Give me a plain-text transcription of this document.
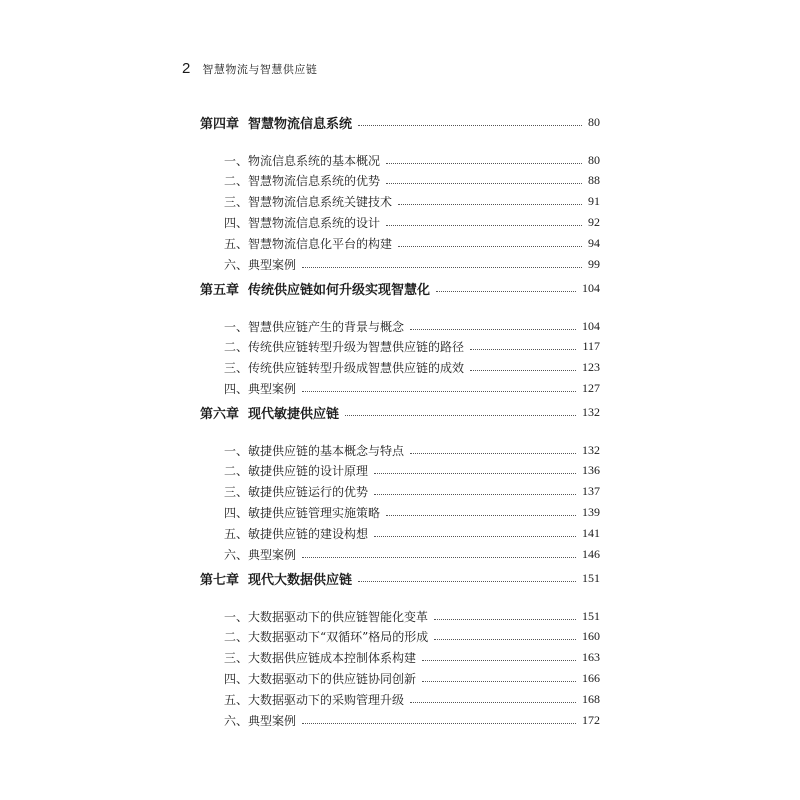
2 智慧物流与智慧供应链
第四章 智慧物流信息系统	80
一、物流信息系统的基本概况	80
二、智慧物流信息系统的优势	88
三、智慧物流信息系统关键技术	91
四、智慧物流信息系统的设计	92
五、智慧物流信息化平台的构建	94
六、典型案例	99
第五章 传统供应链如何升级实现智慧化	104
一、智慧供应链产生的背景与概念	104
二、传统供应链转型升级为智慧供应链的路径	117
三、传统供应链转型升级成智慧供应链的成效	123
四、典型案例	127
第六章 现代敏捷供应链	132
一、敏捷供应链的基本概念与特点	132
二、敏捷供应链的设计原理	136
三、敏捷供应链运行的优势	137
四、敏捷供应链管理实施策略	139
五、敏捷供应链的建设构想	141
六、典型案例	146
第七章 现代大数据供应链	151
一、大数据驱动下的供应链智能化变革	151
二、大数据驱动下“双循环”格局的形成	160
三、大数据供应链成本控制体系构建	163
四、大数据驱动下的供应链协同创新	166
五、大数据驱动下的采购管理升级	168
六、典型案例	172
